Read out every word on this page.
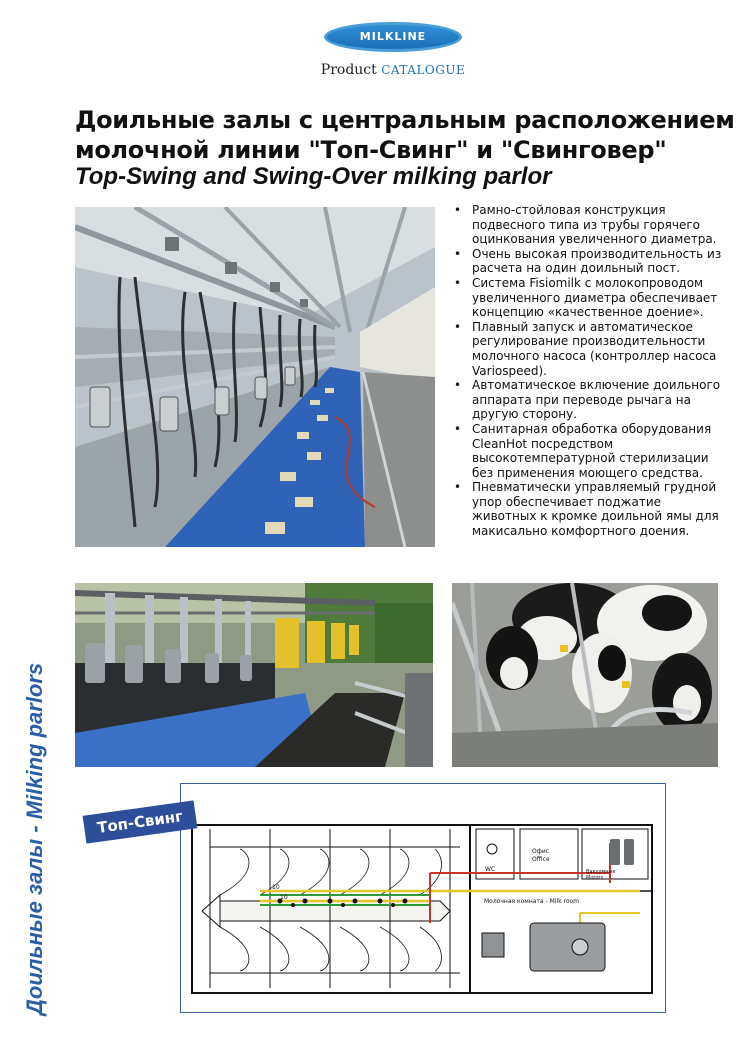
MILKLINE
Product CATALOGUE
Доильные залы с центральным расположением
молочной линии "Топ-Свинг" и "Свинговер"
Top-Swing and Swing-Over milking parlor
• Рамно-стойловая конструкция подвесного типа из трубы горячего оцинкования увеличенного диаметра.
• Очень высокая производительность из расчета на один доильный пост.
• Система Fisiomilk с молокопроводом увеличенного диаметра обеспечивает концепцию «качественное доение».
• Плавный запуск и автоматическое регулирование производительности молочного насоса (контроллер насоса Variospeed).
• Автоматическое включение доильного аппарата при переводе рычага на другую сторону.
• Санитарная обработка оборудования CleanHot посредством высокотемпературной стерилизации без применения моющего средства.
• Пневматически управляемый грудной упор обеспечивает поджатие животных к кромке доильной ямы для макисально комфортного доения.
Доильные залы - Milking parlors	WC
Офис
Office
Вакуумные
Motors
Молочная комната - Milk room
10
10
Топ-Свинг
